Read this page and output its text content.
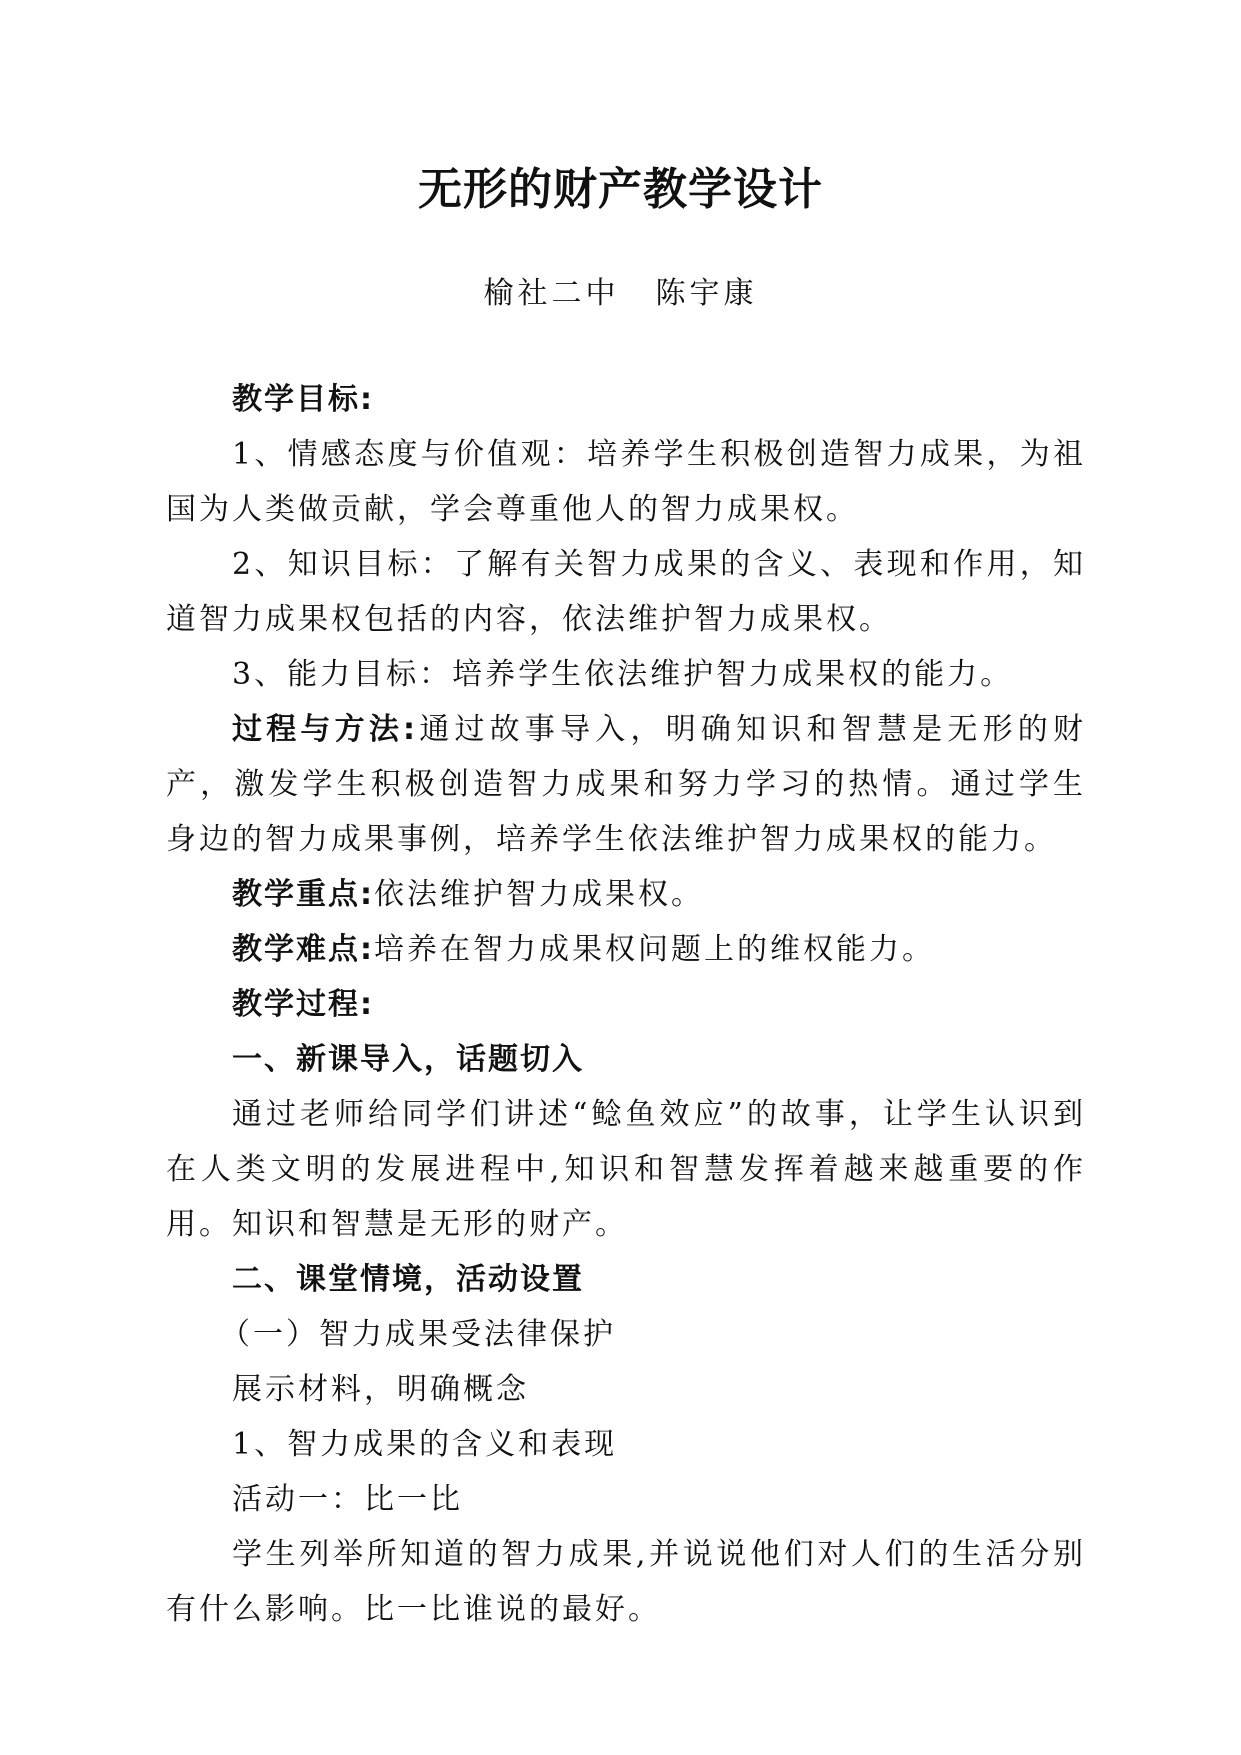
无形的财产教学设计
榆社二中 陈宇康

教学目标:

1、情感态度与价值观：培养学生积极创造智力成果，为祖国为人类做贡献，学会尊重他人的智力成果权。

2、知识目标：了解有关智力成果的含义、表现和作用，知道智力成果权包括的内容，依法维护智力成果权。

3、能力目标：培养学生依法维护智力成果权的能力。

过程与方法:通过故事导入，明确知识和智慧是无形的财产，激发学生积极创造智力成果和努力学习的热情。通过学生身边的智力成果事例，培养学生依法维护智力成果权的能力。

教学重点:依法维护智力成果权。

教学难点:培养在智力成果权问题上的维权能力。

教学过程:

一、新课导入，话题切入

通过老师给同学们讲述“鲶鱼效应”的故事，让学生认识到在人类文明的发展进程中,知识和智慧发挥着越来越重要的作用。知识和智慧是无形的财产。

二、课堂情境，活动设置

（一）智力成果受法律保护

展示材料，明确概念

1、智力成果的含义和表现

活动一：比一比

学生列举所知道的智力成果,并说说他们对人们的生活分别有什么影响。比一比谁说的最好。
